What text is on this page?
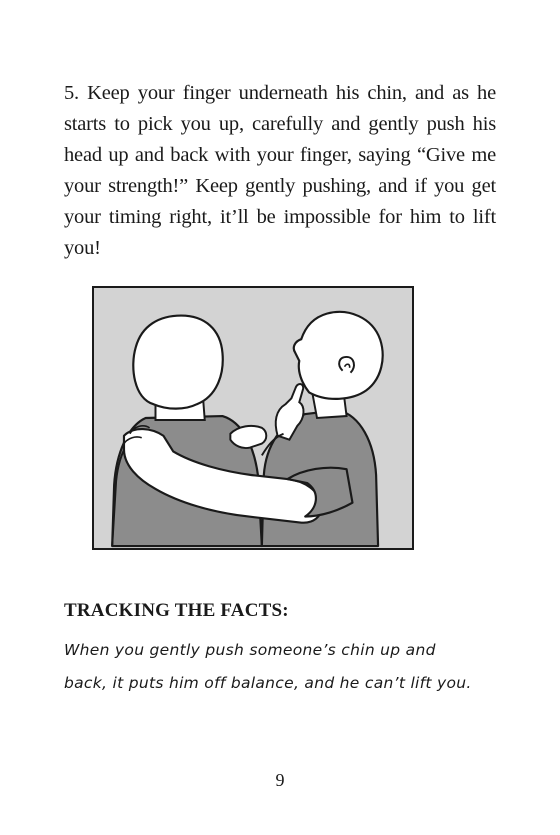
5. Keep your finger underneath his chin, and as he starts to pick you up, carefully and gently push his head up and back with your finger, saying “Give me your strength!” Keep gently pushing, and if you get your timing right, it’ll be impossible for him to lift you!
TRACKING THE FACTS:
When you gently push someone’s chin up and back, it puts him off balance, and he can’t lift you.
9
